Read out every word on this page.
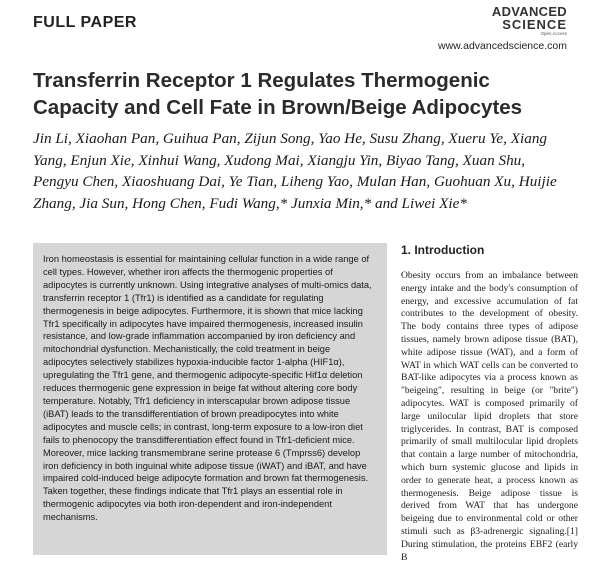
FULL PAPER
ADVANCED
SCIENCE
Open Access
www.advancedscience.com
Transferrin Receptor 1 Regulates Thermogenic Capacity and Cell Fate in Brown/Beige Adipocytes

Jin Li, Xiaohan Pan, Guihua Pan, Zijun Song, Yao He, Susu Zhang, Xueru Ye, Xiang Yang, Enjun Xie, Xinhui Wang, Xudong Mai, Xiangju Yin, Biyao Tang, Xuan Shu, Pengyu Chen, Xiaoshuang Dai, Ye Tian, Liheng Yao, Mulan Han, Guohuan Xu, Huijie Zhang, Jia Sun, Hong Chen, Fudi Wang,* Junxia Min,* and Liwei Xie*

Iron homeostasis is essential for maintaining cellular function in a wide range of cell types. However, whether iron affects the thermogenic properties of adipocytes is currently unknown. Using integrative analyses of multi-omics data, transferrin receptor 1 (Tfr1) is identified as a candidate for regulating thermogenesis in beige adipocytes. Furthermore, it is shown that mice lacking Tfr1 specifically in adipocytes have impaired thermogenesis, increased insulin resistance, and low-grade inflammation accompanied by iron deficiency and mitochondrial dysfunction. Mechanistically, the cold treatment in beige adipocytes selectively stabilizes hypoxia-inducible factor 1-alpha (HIF1α), upregulating the Tfr1 gene, and thermogenic adipocyte-specific Hif1α deletion reduces thermogenic gene expression in beige fat without altering core body temperature. Notably, Tfr1 deficiency in interscapular brown adipose tissue (iBAT) leads to the transdifferentiation of brown preadipocytes into white adipocytes and muscle cells; in contrast, long-term exposure to a low-iron diet fails to phenocopy the transdifferentiation effect found in Tfr1-deficient mice. Moreover, mice lacking transmembrane serine protease 6 (Tmprss6) develop iron deficiency in both inguinal white adipose tissue (iWAT) and iBAT, and have impaired cold-induced beige adipocyte formation and brown fat thermogenesis. Taken together, these findings indicate that Tfr1 plays an essential role in thermogenic adipocytes via both iron-dependent and iron-independent mechanisms.

1. Introduction

Obesity occurs from an imbalance between energy intake and the body's consumption of energy, and excessive accumulation of fat contributes to the development of obesity. The body contains three types of adipose tissues, namely brown adipose tissue (BAT), white adipose tissue (WAT), and a form of WAT in which WAT cells can be converted to BAT-like adipocytes via a process known as "beigeing", resulting in beige (or "brite") adipocytes. WAT is composed primarily of large unilocular lipid droplets that store triglycerides. In contrast, BAT is composed primarily of small multilocular lipid droplets that contain a large number of mitochondria, which burn systemic glucose and lipids in order to generate heat, a process known as thermogenesis. Beige adipose tissue is derived from WAT that has undergone beigeing due to environmental cold or other stimuli such as β3-adrenergic signaling.[1] During stimulation, the proteins EBF2 (early B
